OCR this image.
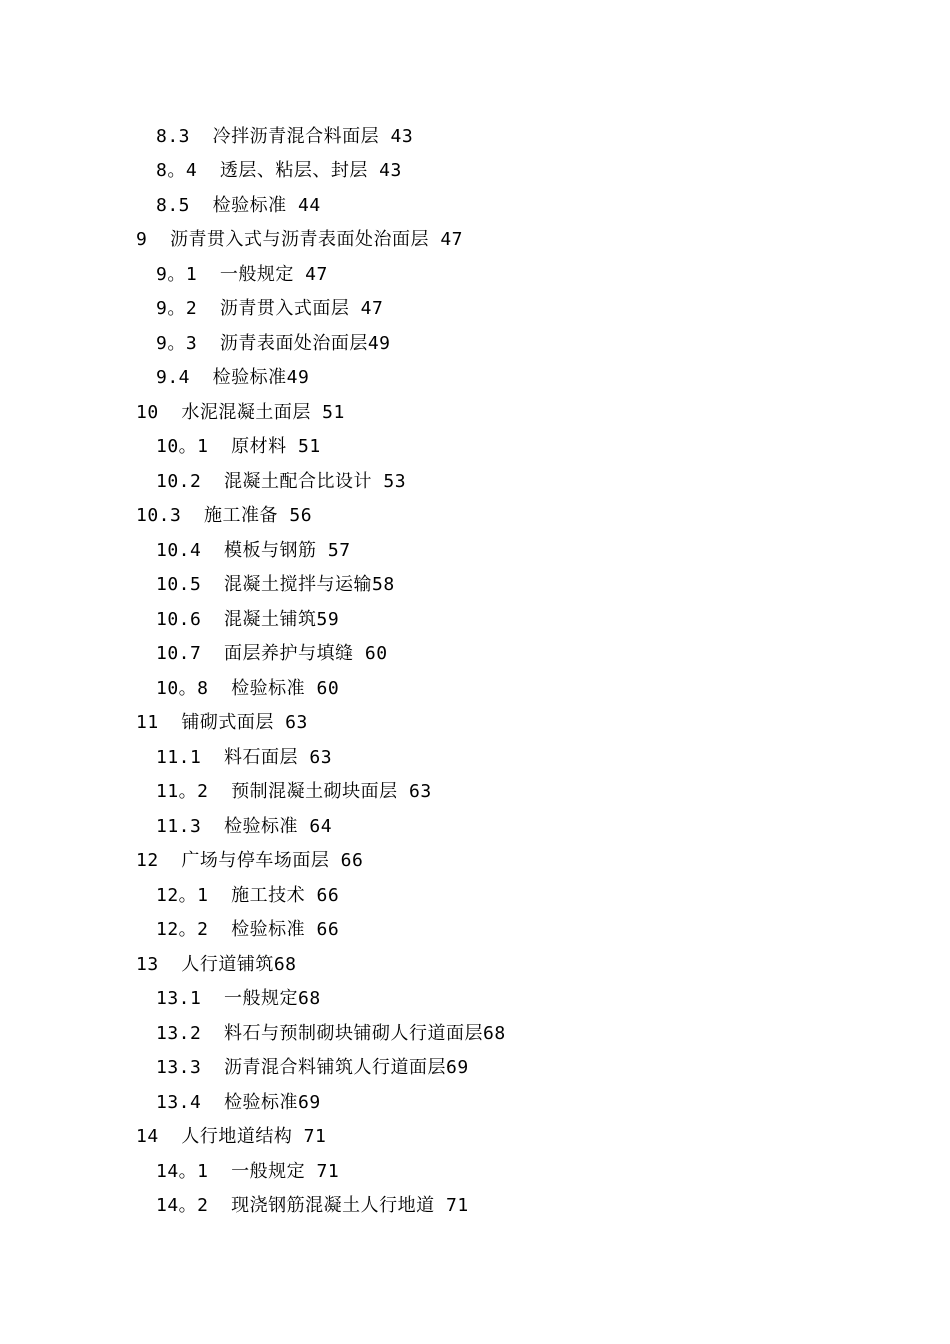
8.3  冷拌沥青混合料面层 43
8。4  透层、粘层、封层 43
8.5  检验标准 44
9  沥青贯入式与沥青表面处治面层 47
9。1  一般规定 47
9。2  沥青贯入式面层 47
9。3  沥青表面处治面层49
9.4  检验标准49
10  水泥混凝土面层 51
10。1  原材料 51
10.2  混凝土配合比设计 53
10.3  施工准备 56
10.4  模板与钢筋 57
10.5  混凝土搅拌与运输58
10.6  混凝土铺筑59
10.7  面层养护与填缝 60
10。8  检验标准 60
11  铺砌式面层 63
11.1  料石面层 63
11。2  预制混凝土砌块面层 63
11.3  检验标准 64
12  广场与停车场面层 66
12。1  施工技术 66
12。2  检验标准 66
13  人行道铺筑68
13.1  一般规定68
13.2  料石与预制砌块铺砌人行道面层68
13.3  沥青混合料铺筑人行道面层69
13.4  检验标准69
14  人行地道结构 71
14。1  一般规定 71
14。2  现浇钢筋混凝土人行地道 71
